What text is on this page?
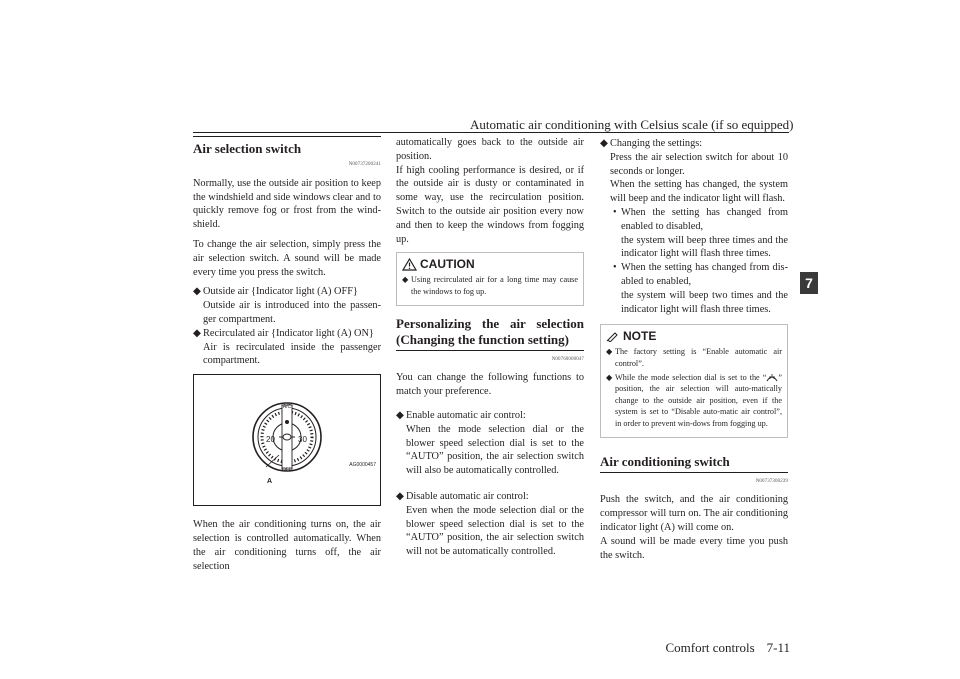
Automatic air conditioning with Celsius scale (if so equipped)
7
Air selection switch
N00737200241

Normally, use the outside air position to keep the windshield and side windows clear and to quickly remove fog or frost from the wind-shield.

To change the air selection, simply press the air selection switch. A sound will be made every time you press the switch.

◆ Outside air {Indicator light (A) OFF}
Outside air is introduced into the passen-ger compartment.
◆ Recirculated air {Indicator light (A) ON}
Air is recirculated inside the passenger compartment.
A/C
OFF
20	30
A
AG0000457

When the air conditioning turns on, the air selection is controlled automatically. When the air conditioning turns off, the air selection

automatically goes back to the outside air position.

If high cooling performance is desired, or if the outside air is dusty or contaminated in some way, use the recirculation position. Switch to the outside air position every now and then to keep the windows from fogging up.

CAUTION
◆ Using recirculated air for a long time may cause the windows to fog up.
Personalizing the air selection (Changing the function setting)
N00760000047

You can change the following functions to match your preference.

◆ Enable automatic air control:
When the mode selection dial or the blower speed selection dial is set to the “AUTO” position, the air selection switch will also be automatically controlled.
◆ Disable automatic air control:
Even when the mode selection dial or the blower speed selection dial is set to the “AUTO” position, the air selection switch will not be automatically controlled.
◆ Changing the settings:
Press the air selection switch for about 10 seconds or longer.
When the setting has changed, the system will beep and the indicator light will flash.
• When the setting has changed from enabled to disabled,
the system will beep three times and the indicator light will flash three times.
• When the setting has changed from dis-abled to enabled,
the system will beep two times and the indicator light will flash three times.
NOTE
◆ The factory setting is “Enable automatic air control”.
◆ While the mode selection dial is set to the “ ” position, the air selection will auto-matically change to the outside air position, even if the system is set to “Disable auto-matic air control”, in order to prevent win-dows from fogging up.
Air conditioning switch
N00737300239

Push the switch, and the air conditioning compressor will turn on. The air conditioning indicator light (A) will come on.

A sound will be made every time you push the switch.

Comfort controls 7-11
